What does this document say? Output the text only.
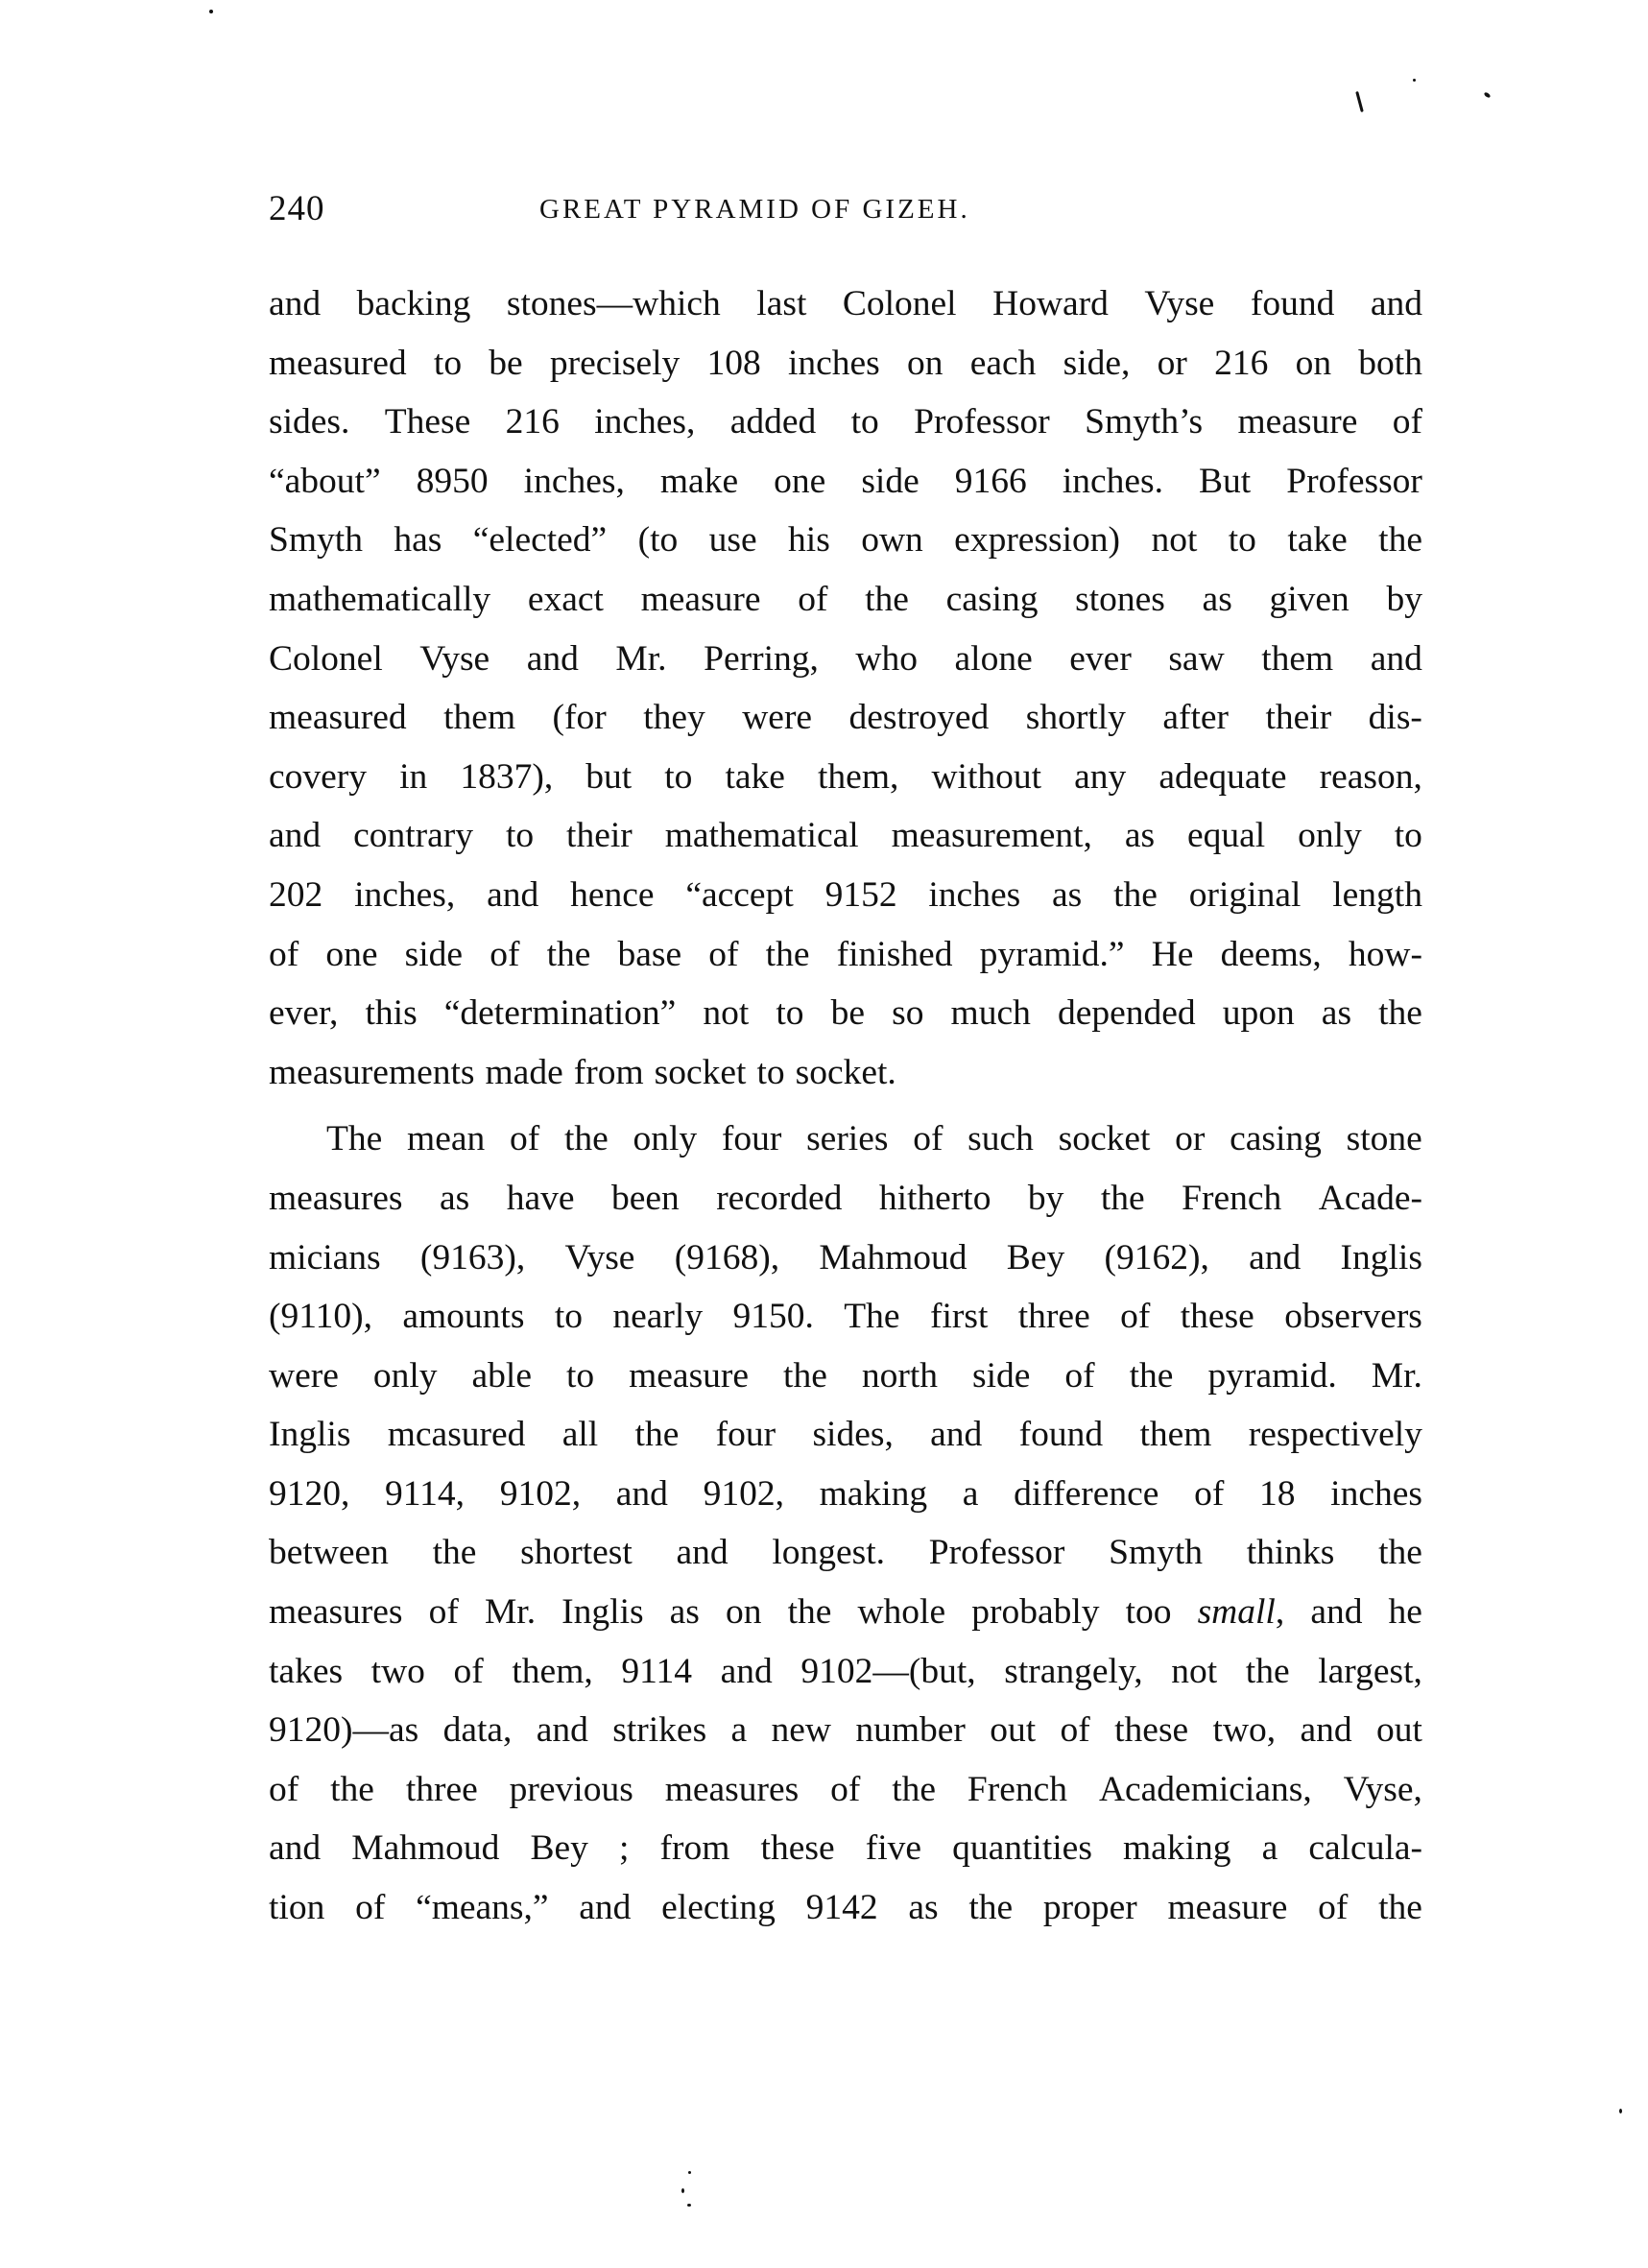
240	GREAT PYRAMID OF GIZEH.
and backing stones—which last Colonel Howard Vyse found and
measured to be precisely 108 inches on each side, or 216 on both
sides. These 216 inches, added to Professor Smyth’s measure of
“about” 8950 inches, make one side 9166 inches. But Professor
Smyth has “elected” (to use his own expression) not to take the
mathematically exact measure of the casing stones as given by
Colonel Vyse and Mr. Perring, who alone ever saw them and
measured them (for they were destroyed shortly after their dis-
covery in 1837), but to take them, without any adequate reason,
and contrary to their mathematical measurement, as equal only to
202 inches, and hence “accept 9152 inches as the original length
of one side of the base of the finished pyramid.” He deems, how-
ever, this “determination” not to be so much depended upon as the
measurements made from socket to socket.
The mean of the only four series of such socket or casing stone
measures as have been recorded hitherto by the French Acade-
micians (9163), Vyse (9168), Mahmoud Bey (9162), and Inglis
(9110), amounts to nearly 9150. The first three of these observers
were only able to measure the north side of the pyramid. Mr.
Inglis mcasured all the four sides, and found them respectively
9120, 9114, 9102, and 9102, making a difference of 18 inches
between the shortest and longest. Professor Smyth thinks the
measures of Mr. Inglis as on the whole probably too small, and he
takes two of them, 9114 and 9102—(but, strangely, not the largest,
9120)—as data, and strikes a new number out of these two, and out
of the three previous measures of the French Academicians, Vyse,
and Mahmoud Bey ; from these five quantities making a calcula-
tion of “means,” and electing 9142 as the proper measure of the
